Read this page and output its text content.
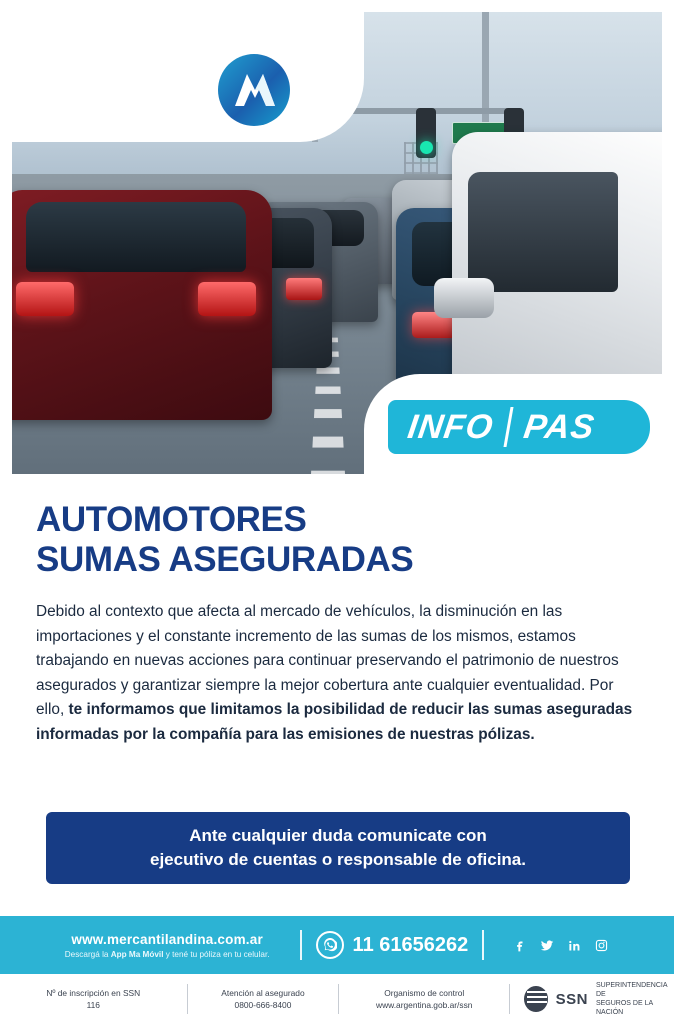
INFO PAS
AUTOMOTORES
SUMAS ASEGURADAS

Debido al contexto que afecta al mercado de vehículos, la disminución en las importaciones y el constante incremento de las sumas de los mismos, estamos trabajando en nuevas acciones para continuar preservando el patrimonio de nuestros asegurados y garantizar siempre la mejor cobertura ante cualquier eventualidad. Por ello, te informamos que limitamos la posibilidad de reducir las sumas aseguradas informadas por la compañía para las emisiones de nuestras pólizas.

Ante cualquier duda comunicate con
ejecutivo de cuentas o responsable de oficina.
www.mercantilandina.com.ar
Descargá la App Ma Móvil y tené tu póliza en tu celular.	11 61656262
Nº de inscripción en SSN
116
Atención al asegurado
0800-666-8400
Organismo de control
www.argentina.gob.ar/ssn	SSN
SUPERINTENDENCIA DE
SEGUROS DE LA NACIÓN
